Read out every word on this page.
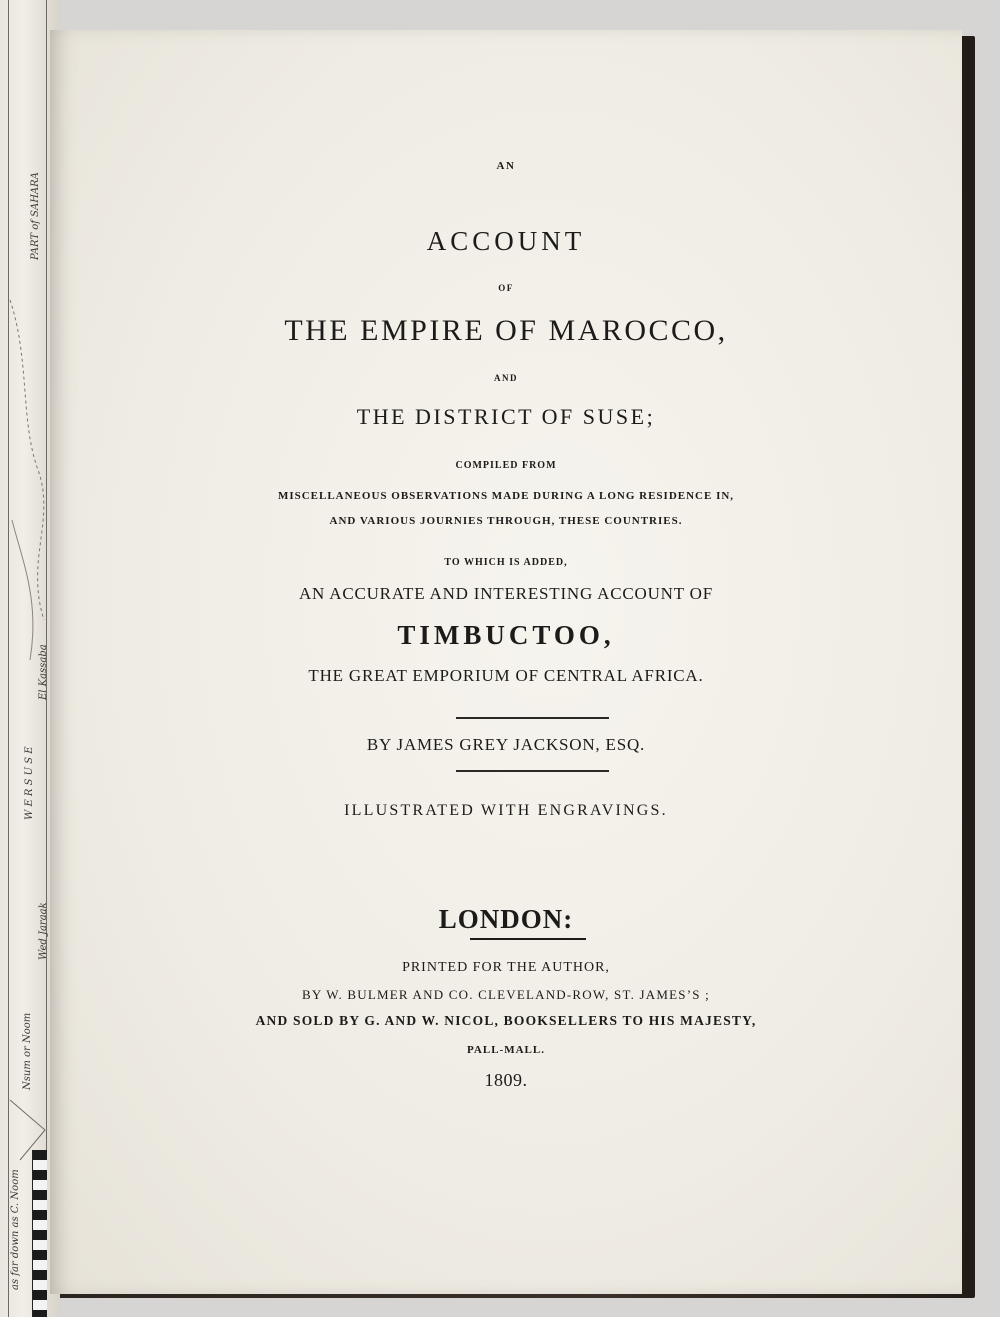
PART of SAHARA
El Kassaba
W E R S U S E
Wed Jaraak
Nsum or Noom
as far down as C. Noom
AN
ACCOUNT
OF
THE EMPIRE OF MAROCCO,
AND
THE DISTRICT OF SUSE;
COMPILED FROM
MISCELLANEOUS OBSERVATIONS MADE DURING A LONG RESIDENCE IN,
AND VARIOUS JOURNIES THROUGH, THESE COUNTRIES.
TO WHICH IS ADDED,
AN ACCURATE AND INTERESTING ACCOUNT OF
TIMBUCTOO,
THE GREAT EMPORIUM OF CENTRAL AFRICA.
BY JAMES GREY JACKSON, ESQ.
ILLUSTRATED WITH ENGRAVINGS.
LONDON:
PRINTED FOR THE AUTHOR,
BY W. BULMER AND CO. CLEVELAND-ROW, ST. JAMES’S ;
AND SOLD BY G. AND W. NICOL, BOOKSELLERS TO HIS MAJESTY,
PALL-MALL.
1809.
